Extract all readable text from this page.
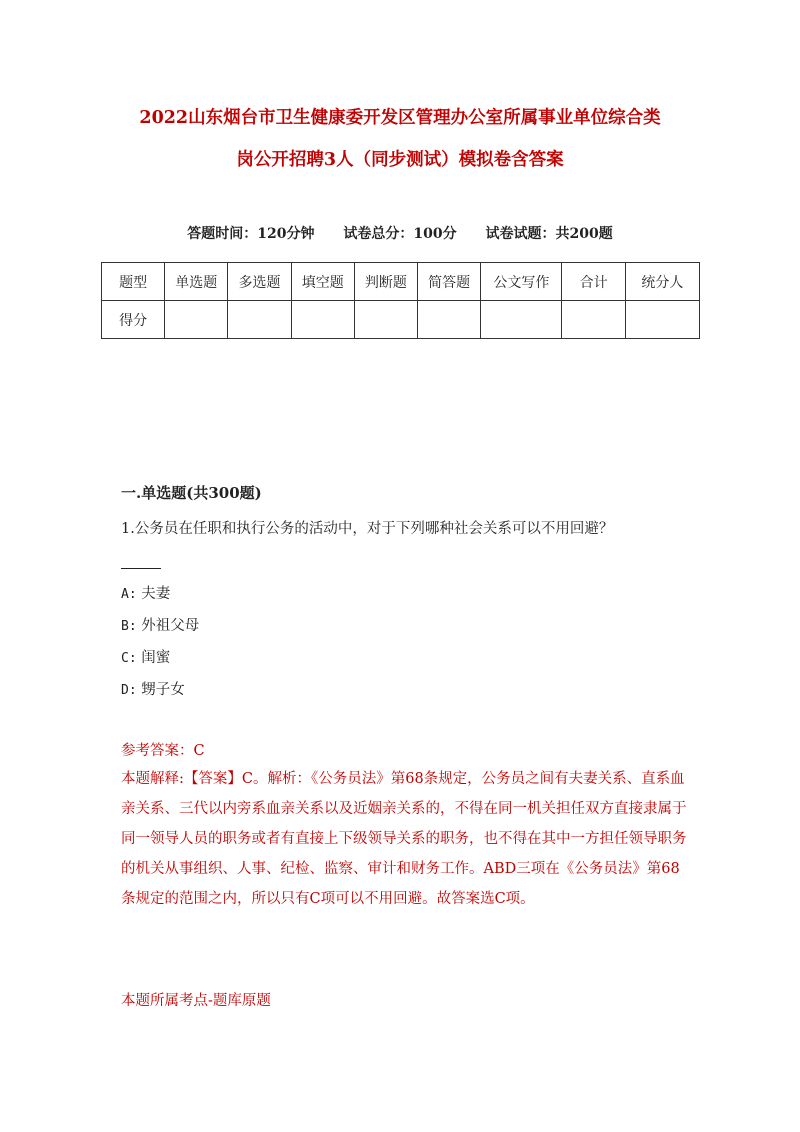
2022山东烟台市卫生健康委开发区管理办公室所属事业单位综合类
岗公开招聘3人（同步测试）模拟卷含答案
答题时间：120分钟 试卷总分：100分 试卷试题：共200题
题型	单选题	多选题	填空题	判断题	简答题	公文写作	合计	统分人
得分								
一.单选题(共300题)
1.公务员在任职和执行公务的活动中，对于下列哪种社会关系可以不用回避？
A: 夫妻
B: 外祖父母
C: 闺蜜
D: 甥子女
参考答案：C
本题解释:【答案】C。解析：《公务员法》第68条规定，公务员之间有夫妻关系、直系血亲关系、三代以内旁系血亲关系以及近姻亲关系的，不得在同一机关担任双方直接隶属于同一领导人员的职务或者有直接上下级领导关系的职务，也不得在其中一方担任领导职务的机关从事组织、人事、纪检、监察、审计和财务工作。ABD三项在《公务员法》第68条规定的范围之内，所以只有C项可以不用回避。故答案选C项。
本题所属考点-题库原题
